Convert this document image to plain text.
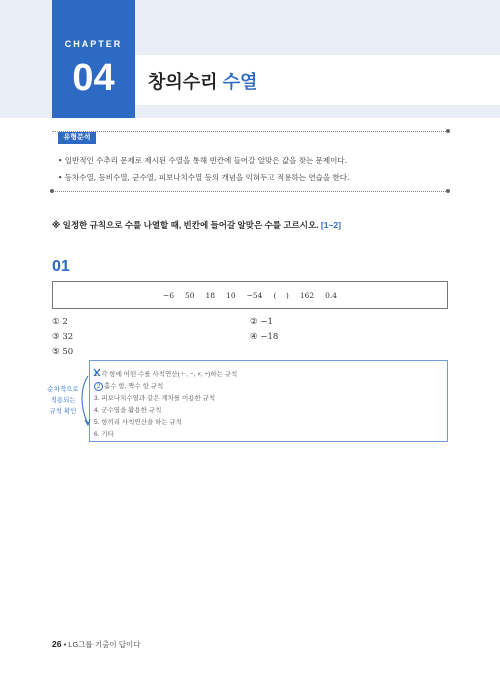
CHAPTER
04	창의수리 수열
유형분석
• 일반적인 수추리 문제로 제시된 수열을 통해 빈칸에 들어갈 알맞은 값을 찾는 문제이다.
• 등차수열, 등비수열, 군수열, 피보나치수열 등의 개념을 익혀두고 적용하는 연습을 한다.
※ 일정한 규칙으로 수를 나열할 때, 빈칸에 들어갈 알맞은 수를 고르시오. [1~2]
01
−6 50 18 10 −54 (    ) 162 0.4
① 2	② −1
③ 32	④ −18
⑤ 50
1. 각 항에 어떤 수를 사칙연산(＋, −, ×, ÷)하는 규칙
2 홀수 항, 짝수 항 규칙
3. 피보나치수열과 같은 계차를 이용한 규칙
4. 군수열을 활용한 규칙
5. 항끼리 사칙연산을 하는 규칙
6. 기타
순차적으로
적용되는
규칙 확인
26 • LG그룹 기출이 답이다
